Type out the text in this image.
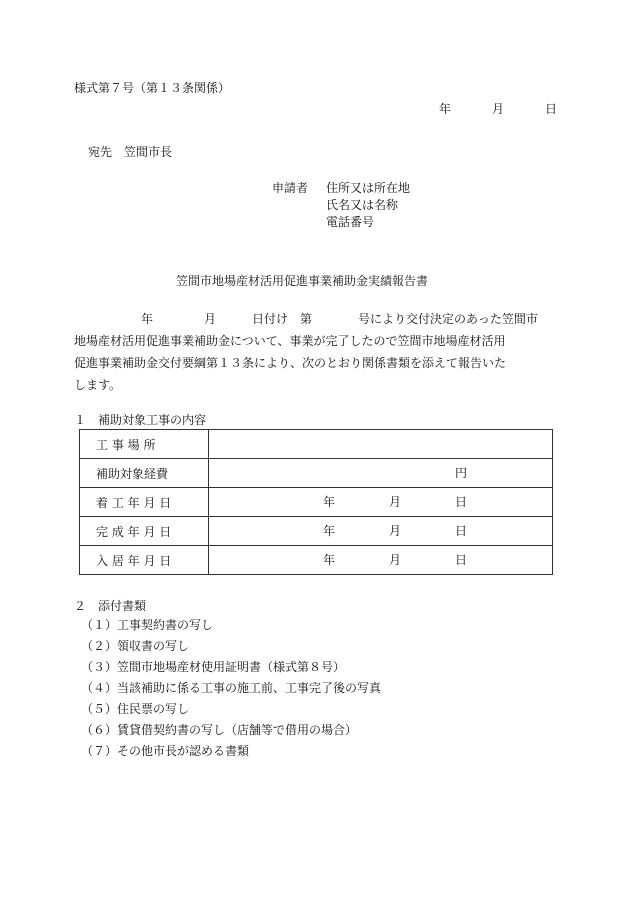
様式第７号（第１３条関係）
年	月	日
宛先　笠間市長
申請者 住所又は所在地
氏名又は名称
電話番号
笠間市地場産材活用促進事業補助金実績報告書
年	月	日付け　第	号により交付決定のあった笠間市
地場産材活用促進事業補助金について、事業が完了したので笠間市地場産材活用
促進事業補助金交付要綱第１３条により、次のとおり関係書類を添えて報告いた
します。
１　補助対象工事の内容
工 事 場 所	
補助対象経費	円

着 工 年 月 日	年 月 日

完 成 年 月 日	年 月 日

入 居 年 月 日	年 月 日
２　添付書類
（１）工事契約書の写し
（２）領収書の写し
（３）笠間市地場産材使用証明書（様式第８号）
（４）当該補助に係る工事の施工前、工事完了後の写真
（５）住民票の写し
（６）賃貸借契約書の写し（店舗等で借用の場合）
（７）その他市長が認める書類
